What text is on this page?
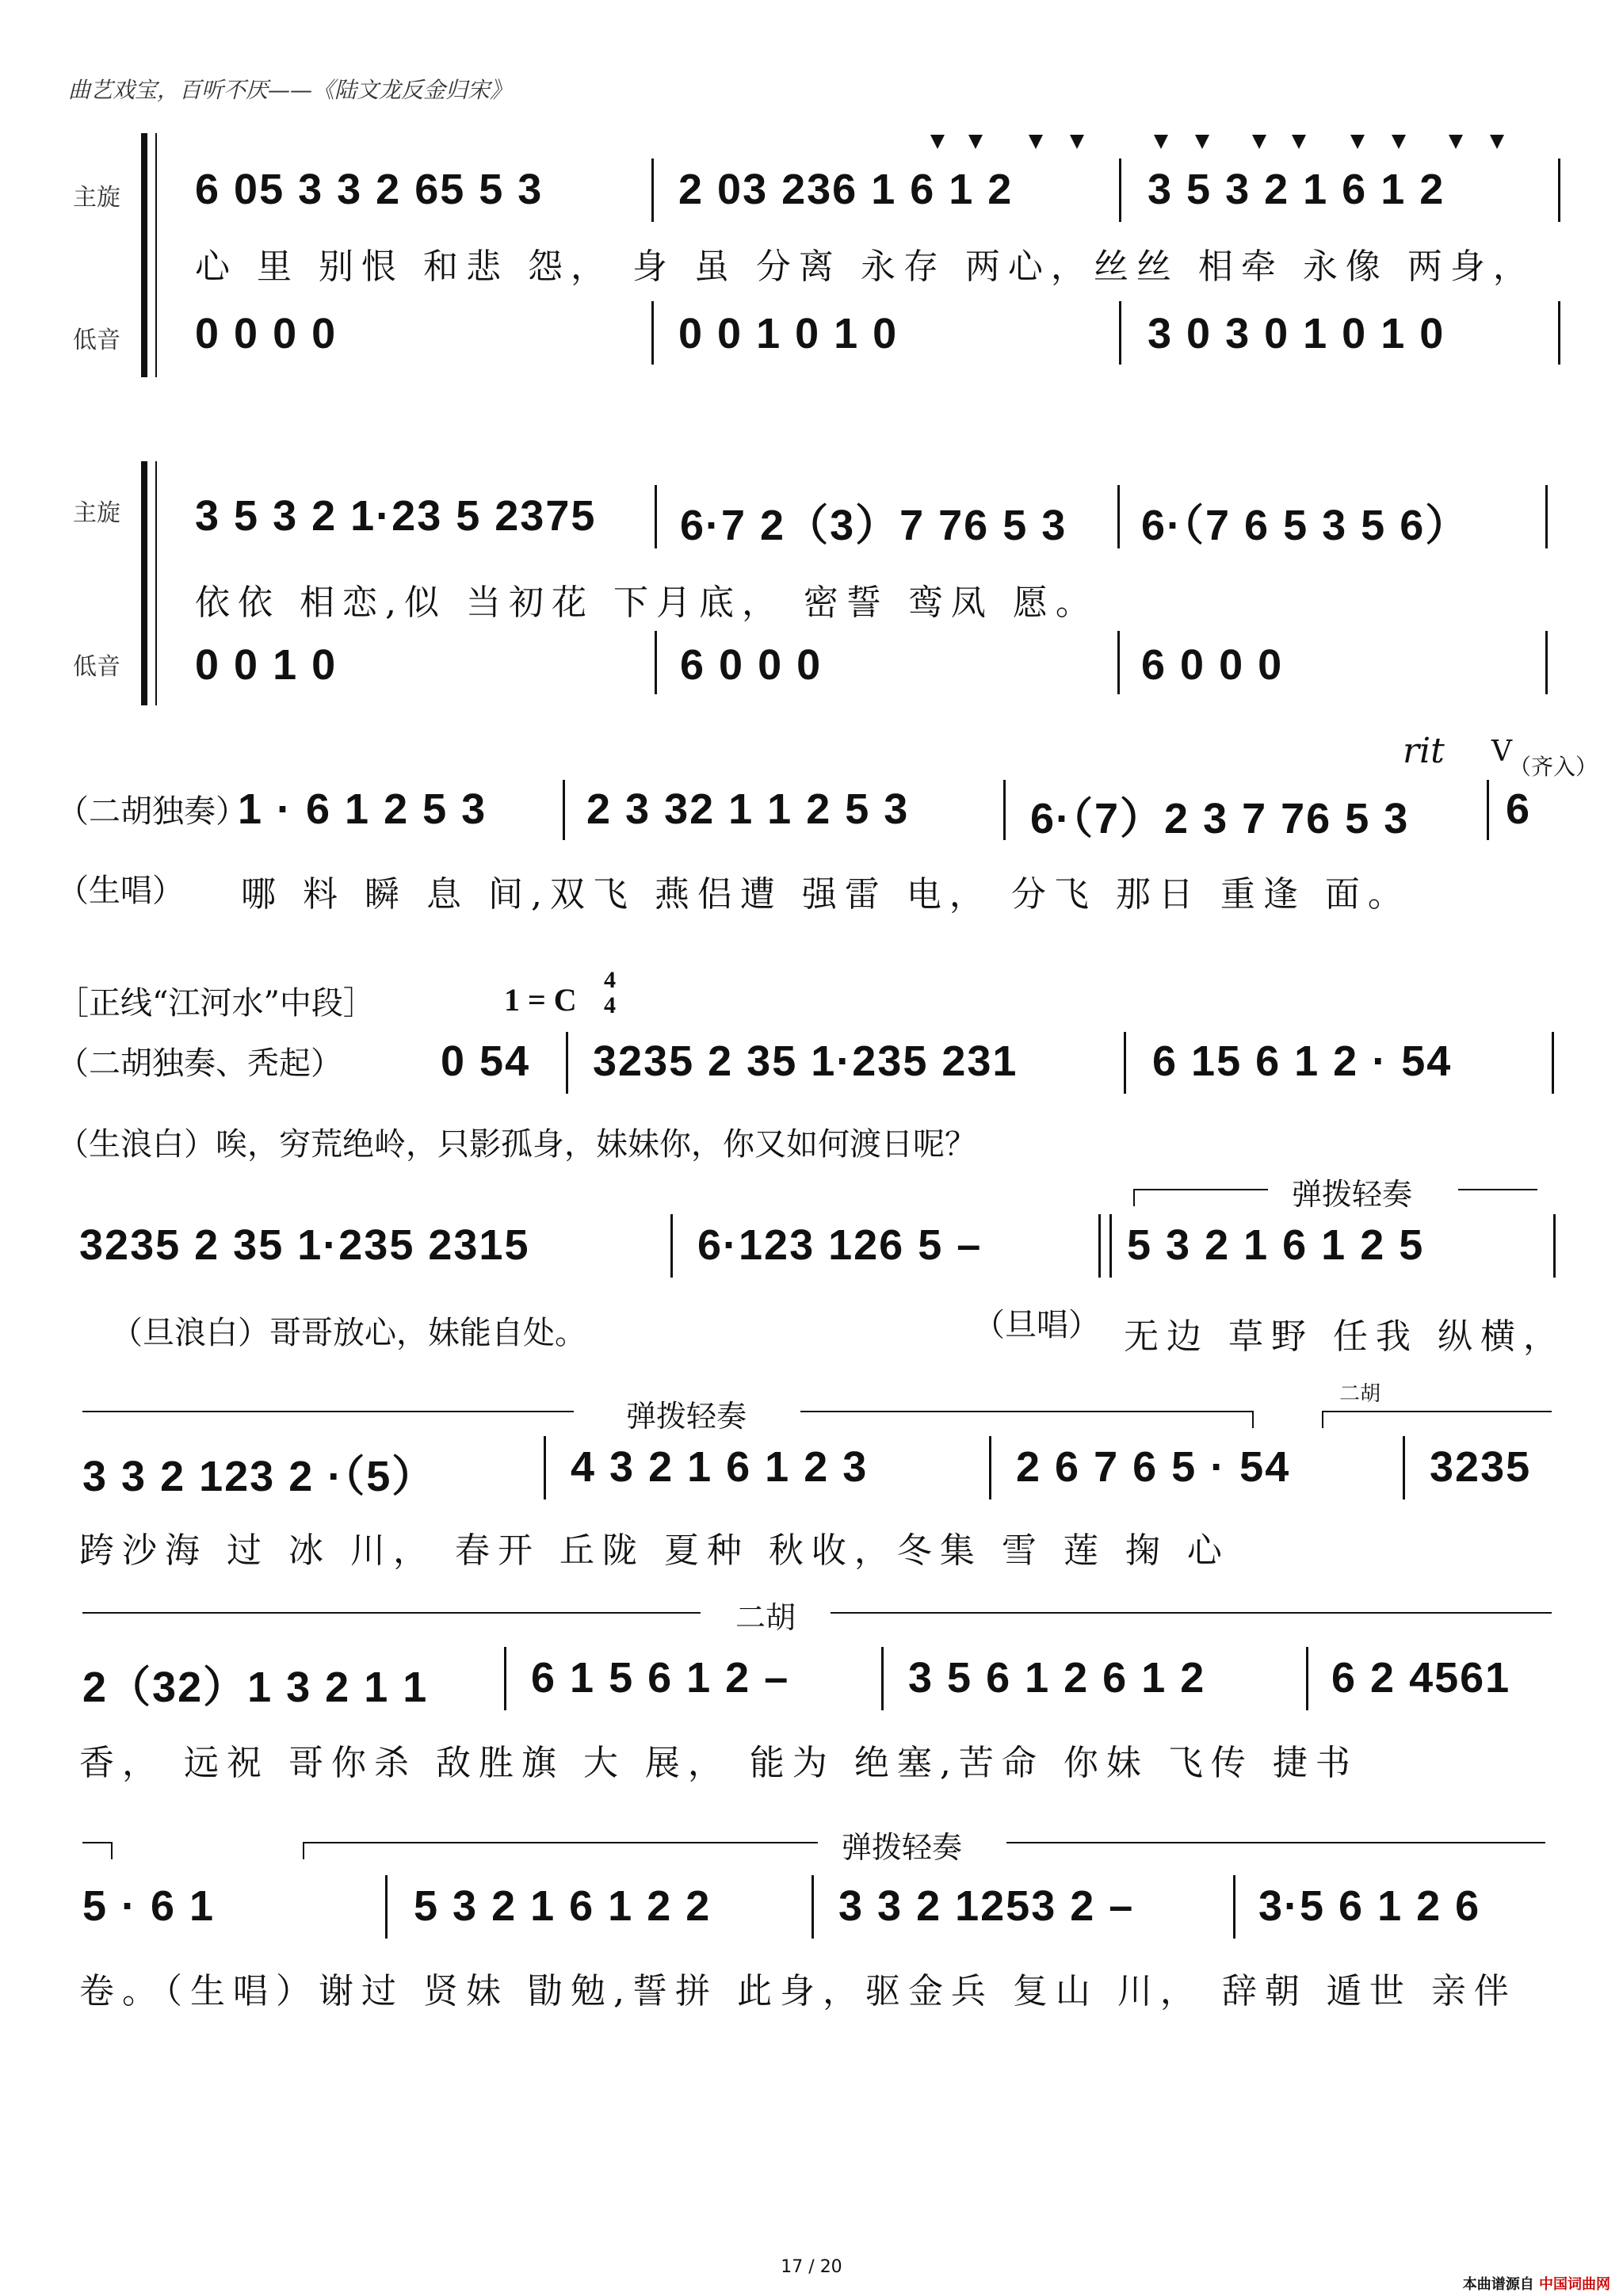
曲艺戏宝，百听不厌——《陆文龙反金归宋》
主旋
低音
6 05 3 3 2 65 5 3	2 03 236 1 6 1 2	3 5 3 2 1 6 1 2
心 里 别恨 和悲 怨， 身 虽 分离 永存 两心，丝丝 相牵 永像 两身，
0 0 0 0	0 0 1 0 1 0	3 0 3 0 1 0 1 0
主旋
低音
3 5 3 2 1·23 5 2375 6·7 2（3）7 76 5 3 6·（7 6 5 3 5 6）
依依 相恋,似 当初花 下月底， 密誓 鸾凤 愿。
0 0 1 0	6 0 0 0	6 0 0 0
rit V
（齐入）
（二胡独奏）
1 · 6 1 2 5 3 2 3 32 1 1 2 5 3	6·（7）2 3 7 76 5 3 6
（生唱） 哪 料 瞬 息 间,双飞 燕侣遭 强雷 电， 分飞 那日 重逢 面。
［正线“江河水”中段］	1 = C
4
4
（二胡独奏、秃起） 0 54 3235 2 35 1·235 231	6 15 6 1 2 · 54
（生浪白）唉，穷荒绝岭，只影孤身，妹妹你，你又如何渡日呢？
弹拨轻奏
3235 2 35 1·235 2315	6·123 126 5 –	5 3 2 1 6 1 2 5
（旦浪白）哥哥放心，妹能自处。	（旦唱） 无边 草野 任我 纵横，
弹拨轻奏
二胡
3 3 2 123 2 ·（5）	4 3 2 1 6 1 2 3	2 6 7 6 5 · 54	3235
跨沙海 过 冰 川， 春开 丘陇 夏种 秋收，冬集 雪 莲 掬 心
二胡
2（32）1 3 2 1 1 6 1 5 6 1 2 –	3 5 6 1 2 6 1 2	6 2 4561
香， 远祝 哥你杀 敌胜旗 大 展， 能为 绝塞,苦命 你妹 飞传 捷书
弹拨轻奏
5 · 6 1	5 3 2 1 6 1 2 2	3 3 2 1253 2 –	3·5 6 1 2 6
卷。（生唱）谢过 贤妹 勖勉,誓拼 此身，驱金兵 复山 川， 辞朝 遁世 亲伴
17 / 20
本曲谱源自 中国词曲网
